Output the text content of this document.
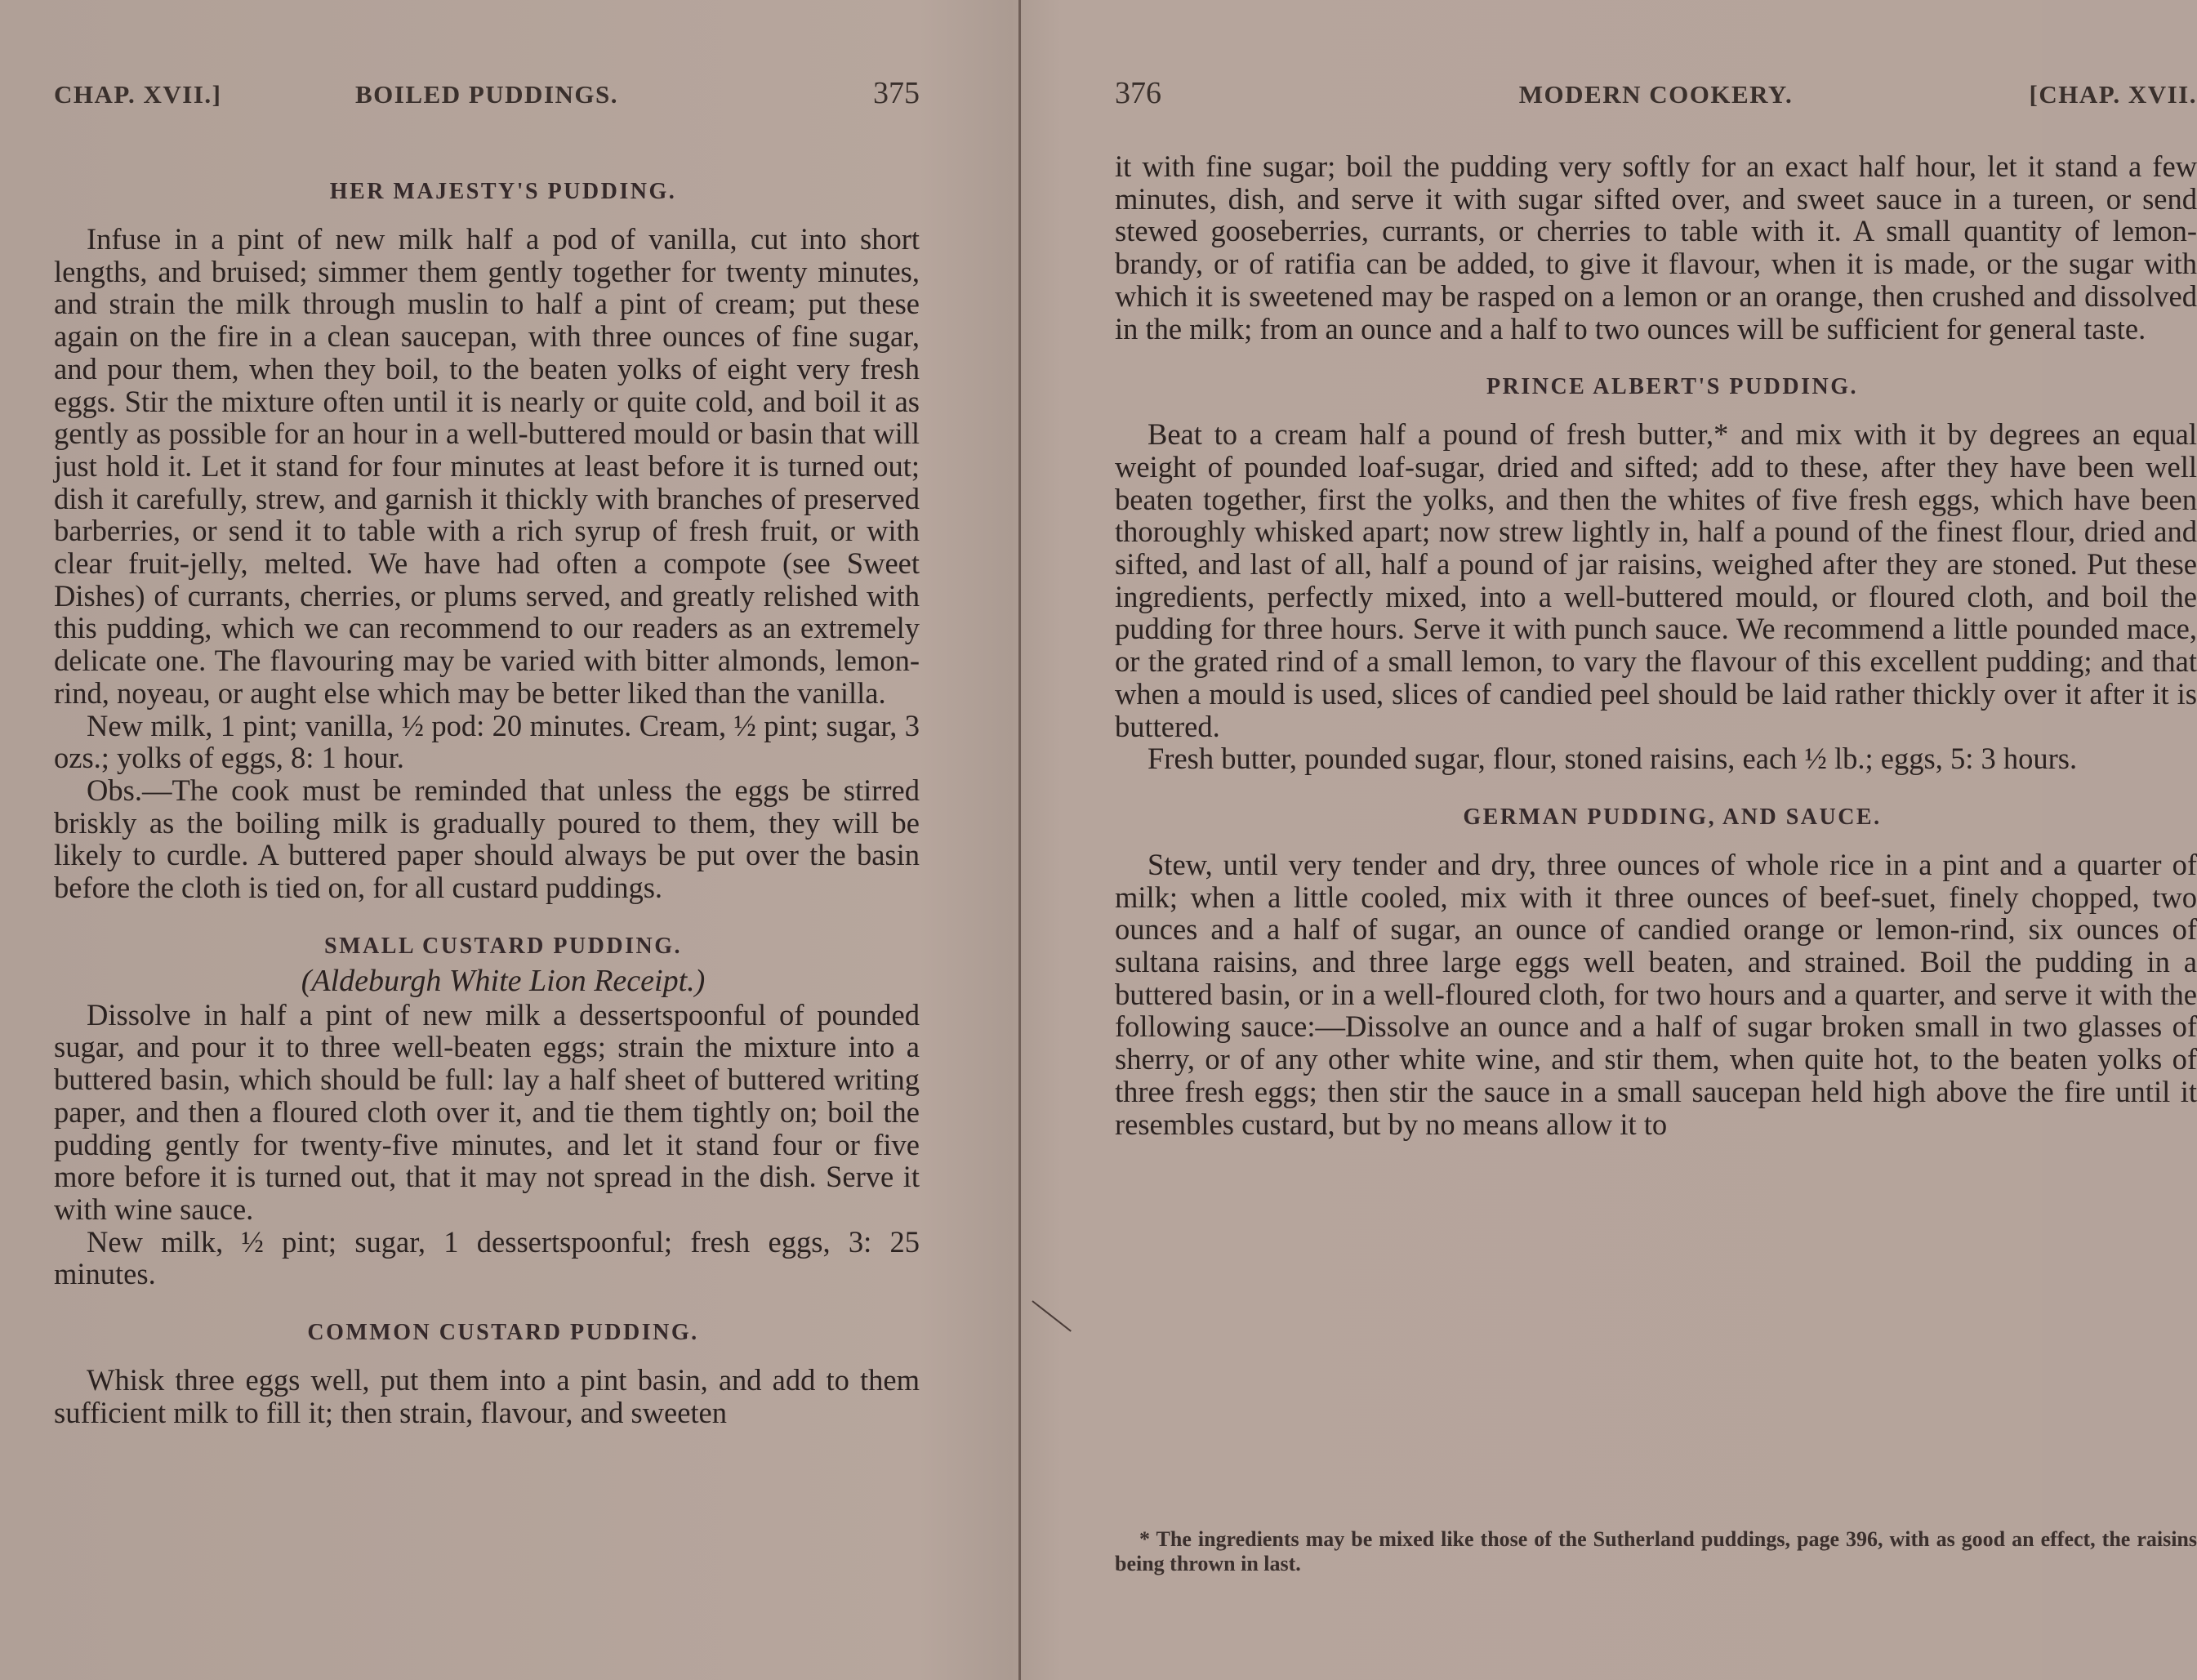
CHAP. XVII.]	BOILED PUDDINGS.	375

HER MAJESTY'S PUDDING.

Infuse in a pint of new milk half a pod of vanilla, cut into short lengths, and bruised; simmer them gently together for twenty minutes, and strain the milk through muslin to half a pint of cream; put these again on the fire in a clean saucepan, with three ounces of fine sugar, and pour them, when they boil, to the beaten yolks of eight very fresh eggs. Stir the mixture often until it is nearly or quite cold, and boil it as gently as possible for an hour in a well-buttered mould or basin that will just hold it. Let it stand for four minutes at least before it is turned out; dish it carefully, strew, and garnish it thickly with branches of preserved barberries, or send it to table with a rich syrup of fresh fruit, or with clear fruit-jelly, melted. We have had often a compote (see Sweet Dishes) of currants, cherries, or plums served, and greatly relished with this pudding, which we can recommend to our readers as an extremely delicate one. The flavouring may be varied with bitter almonds, lemon-rind, noyeau, or aught else which may be better liked than the vanilla.

New milk, 1 pint; vanilla, ½ pod: 20 minutes. Cream, ½ pint; sugar, 3 ozs.; yolks of eggs, 8: 1 hour.

Obs.—The cook must be reminded that unless the eggs be stirred briskly as the boiling milk is gradually poured to them, they will be likely to curdle. A buttered paper should always be put over the basin before the cloth is tied on, for all custard puddings.

SMALL CUSTARD PUDDING.

(Aldeburgh White Lion Receipt.)

Dissolve in half a pint of new milk a dessertspoonful of pounded sugar, and pour it to three well-beaten eggs; strain the mixture into a buttered basin, which should be full: lay a half sheet of buttered writing paper, and then a floured cloth over it, and tie them tightly on; boil the pudding gently for twenty-five minutes, and let it stand four or five more before it is turned out, that it may not spread in the dish. Serve it with wine sauce.

New milk, ½ pint; sugar, 1 dessertspoonful; fresh eggs, 3: 25 minutes.

COMMON CUSTARD PUDDING.

Whisk three eggs well, put them into a pint basin, and add to them sufficient milk to fill it; then strain, flavour, and sweeten

376	MODERN COOKERY.	[CHAP. XVII.

it with fine sugar; boil the pudding very softly for an exact half hour, let it stand a few minutes, dish, and serve it with sugar sifted over, and sweet sauce in a tureen, or send stewed gooseberries, currants, or cherries to table with it. A small quantity of lemon-brandy, or of ratifia can be added, to give it flavour, when it is made, or the sugar with which it is sweetened may be rasped on a lemon or an orange, then crushed and dissolved in the milk; from an ounce and a half to two ounces will be sufficient for general taste.

PRINCE ALBERT'S PUDDING.

Beat to a cream half a pound of fresh butter,* and mix with it by degrees an equal weight of pounded loaf-sugar, dried and sifted; add to these, after they have been well beaten together, first the yolks, and then the whites of five fresh eggs, which have been thoroughly whisked apart; now strew lightly in, half a pound of the finest flour, dried and sifted, and last of all, half a pound of jar raisins, weighed after they are stoned. Put these ingredients, perfectly mixed, into a well-buttered mould, or floured cloth, and boil the pudding for three hours. Serve it with punch sauce. We recommend a little pounded mace, or the grated rind of a small lemon, to vary the flavour of this excellent pudding; and that when a mould is used, slices of candied peel should be laid rather thickly over it after it is buttered.

Fresh butter, pounded sugar, flour, stoned raisins, each ½ lb.; eggs, 5: 3 hours.

GERMAN PUDDING, AND SAUCE.

Stew, until very tender and dry, three ounces of whole rice in a pint and a quarter of milk; when a little cooled, mix with it three ounces of beef-suet, finely chopped, two ounces and a half of sugar, an ounce of candied orange or lemon-rind, six ounces of sultana raisins, and three large eggs well beaten, and strained. Boil the pudding in a buttered basin, or in a well-floured cloth, for two hours and a quarter, and serve it with the following sauce:—Dissolve an ounce and a half of sugar broken small in two glasses of sherry, or of any other white wine, and stir them, when quite hot, to the beaten yolks of three fresh eggs; then stir the sauce in a small saucepan held high above the fire until it resembles custard, but by no means allow it to

* The ingredients may be mixed like those of the Sutherland puddings, page 396, with as good an effect, the raisins being thrown in last.
